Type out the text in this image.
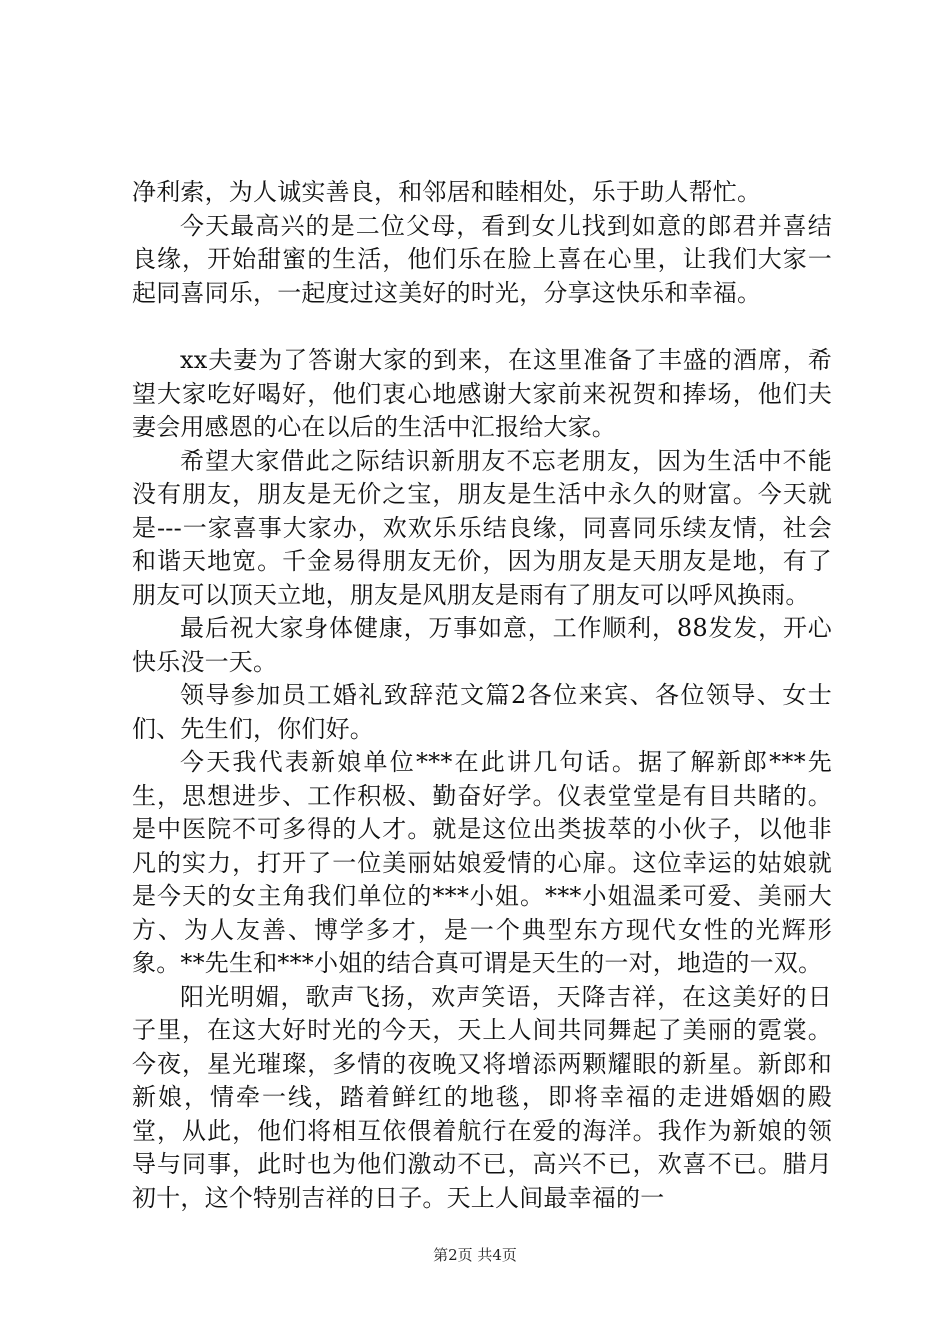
净利索，为人诚实善良，和邻居和睦相处，乐于助人帮忙。

今天最高兴的是二位父母，看到女儿找到如意的郎君并喜结良缘，开始甜蜜的生活，他们乐在脸上喜在心里，让我们大家一起同喜同乐，一起度过这美好的时光，分享这快乐和幸福。

xx夫妻为了答谢大家的到来，在这里准备了丰盛的酒席，希望大家吃好喝好，他们衷心地感谢大家前来祝贺和捧场，他们夫妻会用感恩的心在以后的生活中汇报给大家。

希望大家借此之际结识新朋友不忘老朋友，因为生活中不能没有朋友，朋友是无价之宝，朋友是生活中永久的财富。今天就是---一家喜事大家办，欢欢乐乐结良缘，同喜同乐续友情，社会和谐天地宽。千金易得朋友无价，因为朋友是天朋友是地，有了朋友可以顶天立地，朋友是风朋友是雨有了朋友可以呼风换雨。

最后祝大家身体健康，万事如意，工作顺利，88发发，开心快乐没一天。

领导参加员工婚礼致辞范文篇2各位来宾、各位领导、女士们、先生们，你们好。

今天我代表新娘单位***在此讲几句话。据了解新郎***先生，思想进步、工作积极、勤奋好学。仪表堂堂是有目共睹的。是中医院不可多得的人才。就是这位出类拔萃的小伙子，以他非凡的实力，打开了一位美丽姑娘爱情的心扉。这位幸运的姑娘就是今天的女主角我们单位的***小姐。***小姐温柔可爱、美丽大方、为人友善、博学多才，是一个典型东方现代女性的光辉形象。**先生和***小姐的结合真可谓是天生的一对，地造的一双。

阳光明媚，歌声飞扬，欢声笑语，天降吉祥，在这美好的日子里，在这大好时光的今天，天上人间共同舞起了美丽的霓裳。今夜，星光璀璨，多情的夜晚又将增添两颗耀眼的新星。新郎和新娘，情牵一线，踏着鲜红的地毯，即将幸福的走进婚姻的殿堂，从此，他们将相互依偎着航行在爱的海洋。我作为新娘的领导与同事，此时也为他们激动不已，高兴不已，欢喜不已。腊月初十，这个特别吉祥的日子。天上人间最幸福的一

第2页 共4页
